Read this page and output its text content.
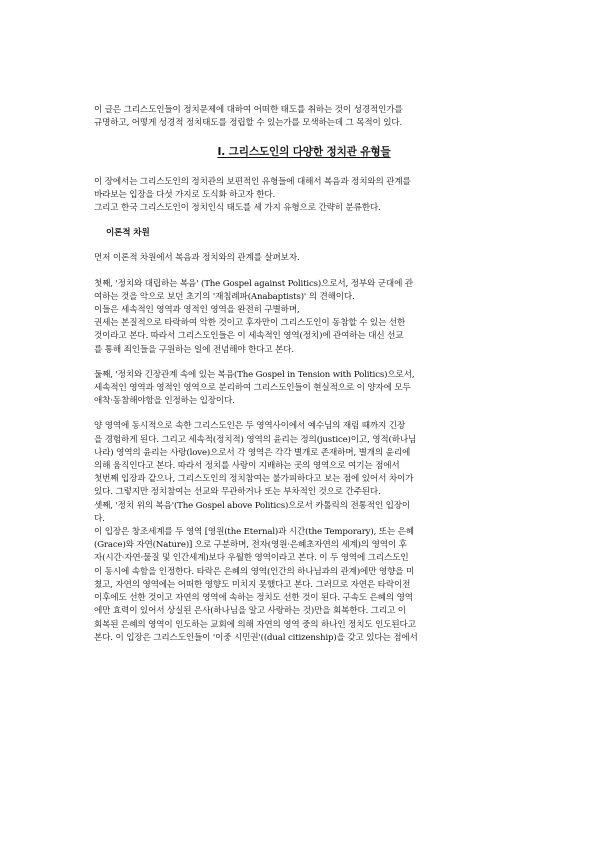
이 글은 그리스도인들이 정치문제에 대하여 어떠한 태도를 취하는 것이 성경적인가를
규명하고, 어떻게 성경적 정치태도를 정립할 수 있는가를 모색하는데 그 목적이 있다.

Ⅰ. 그리스도인의 다양한 정치관 유형들

이 장에서는 그리스도인의 정치관의 보편적인 유형들에 대해서 복음과 정치와의 관계를
바라보는 입장을 다섯 가지로 도식화 하고자 한다.
그리고 한국 그리스도인이 정치인식 태도를 세 가지 유형으로 간략히 분류한다.

이론적 차원

먼저 이론적 차원에서 복음과 정치와의 관계를 살펴보자.
첫째, '정치와 대립하는 복음' (The Gospel against Politics)으로서, 정부와 군대에 관
여하는 것을 악으로 보던 초기의 '재침례파(Anabaptists)' 의 견해이다.
이들은 세속적인 영역과 영적인 영역을 완전히 구별하며,
권세는 본질적으로 타락하여 악한 것이고 후자만이 그리스도인이 동참할 수 있는 선한
것이라고 본다. 따라서 그리스도인들은 이 세속적인 영역(정치)에 관여하는 대신 선교
를 통해 죄인들을 구원하는 일에 전념해야 한다고 본다.
둘째, '정치와 긴장관계 속에 있는 복음(The Gospel in Tension with Politics)으로서,
세속적인 영역과 영적인 영역으로 분리하여 그리스도인들이 현실적으로 이 양자에 모두
애착·동참해야함을 인정하는 입장이다.
양 영역에 동시적으로 속한 그리스도인은 두 영역사이에서 예수님의 재림 때까지 긴장
을 경험하게 된다. 그리고 세속적(정치적) 영역의 윤리는 정의(justice)이고, 영적(하나님
나라) 영역의 윤리는 사랑(love)으로서 각 영역은 각각 별개로 존재하며, 별개의 윤리에
의해 움직인다고 본다. 따라서 정치를 사랑이 지배하는 곳의 영역으로 여기는 점에서
첫번째 입장과 같으나, 그리스도인의 정치참여는 불가피하다고 보는 점에 있어서 차이가
있다. 그렇지만 정치참여는 선교와 무관하거나 또는 부차적인 것으로 간주된다.
셋째, '정치 위의 복음'(The Gospel above Politics)으로서 카톨릭의 전통적인 입장이
다.
이 입장은 창조세계를 두 영역 [영원(the Eternal)과 시간(the Temporary), 또는 은혜
(Grace)와 자연(Nature)] 으로 구분하며, 전자(영원·은혜초자연의 세계)의 영역이 후
자(시간·자연·물질 및 인간세계)보다 우월한 영역이라고 본다. 이 두 영역에 그리스도인
이 동시에 속함을 인정한다. 타락은 은혜의 영역(인간의 하나님과의 관계)에만 영향을 미
쳤고, 자연의 영역에는 어떠한 영향도 미치지 못했다고 본다. 그러므로 자연은 타락이전
이후에도 선한 것이고 자연의 영역에 속하는 정치도 선한 것이 된다. 구속도 은혜의 영역
에만 효력이 있어서 상실된 은사(하나님을 알고 사랑하는 것)만을 회복한다. 그리고 이
회복된 은혜의 영역이 인도하는 교회에 의해 자연의 영역 중의 하나인 정치도 인도된다고
본다. 이 입장은 그리스도인들이 '이중 시민권'((dual citizenship)을 갖고 있다는 점에서
